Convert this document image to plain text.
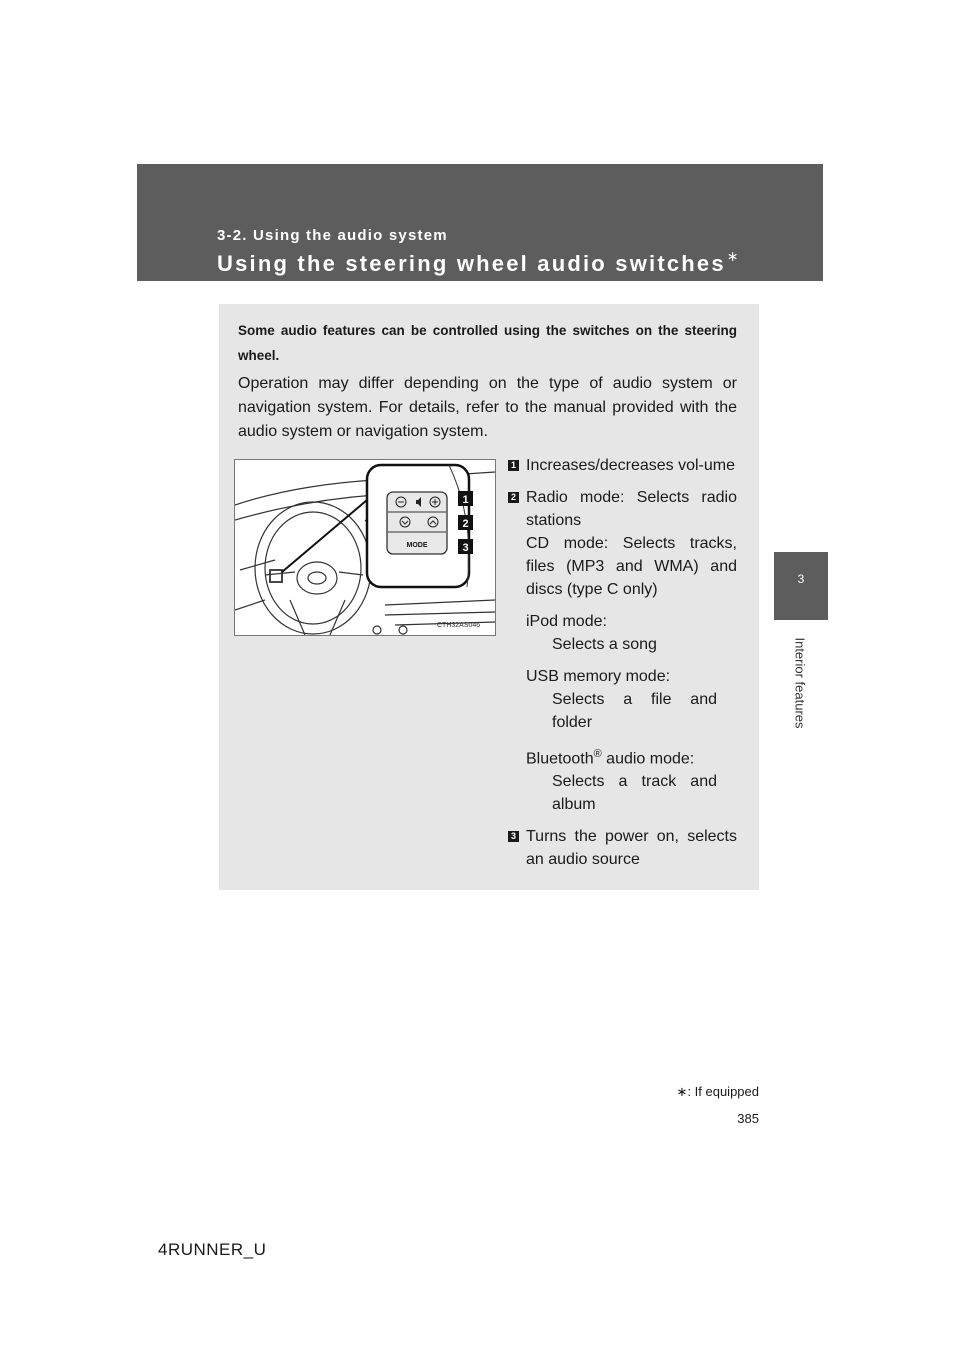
3-2. Using the audio system
Using the steering wheel audio switches∗
3
Interior features
Some audio features can be controlled using the switches on the steering wheel.
Operation may differ depending on the type of audio system or navigation system. For details, refer to the manual provided with the audio system or navigation system.
MODE
1
2
3
CTH32AS046
1 Increases/decreases vol-ume
2 Radio mode: Selects radio stations
CD mode: Selects tracks, files (MP3 and WMA) and discs (type C only)
iPod mode:
Selects a song
USB memory mode:
Selects a file and folder
Bluetooth® audio mode:
Selects a track and album
3 Turns the power on, selects an audio source
∗: If equipped
385
4RUNNER_U
